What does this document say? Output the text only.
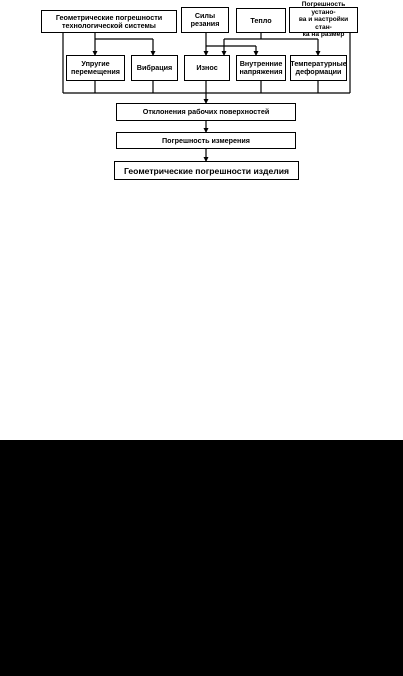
Геометрические погрешности
технологической системы
Силы
резания	Тепло
Погрешность устано-
ва и настройки стан-
ка на размер
Упругие
перемещения	Вибрация	Износ	Внутренние
напряжения
Температурные
деформации
Отклонения рабочих поверхностей
Погрешность измерения
Геометрические погрешности изделия
